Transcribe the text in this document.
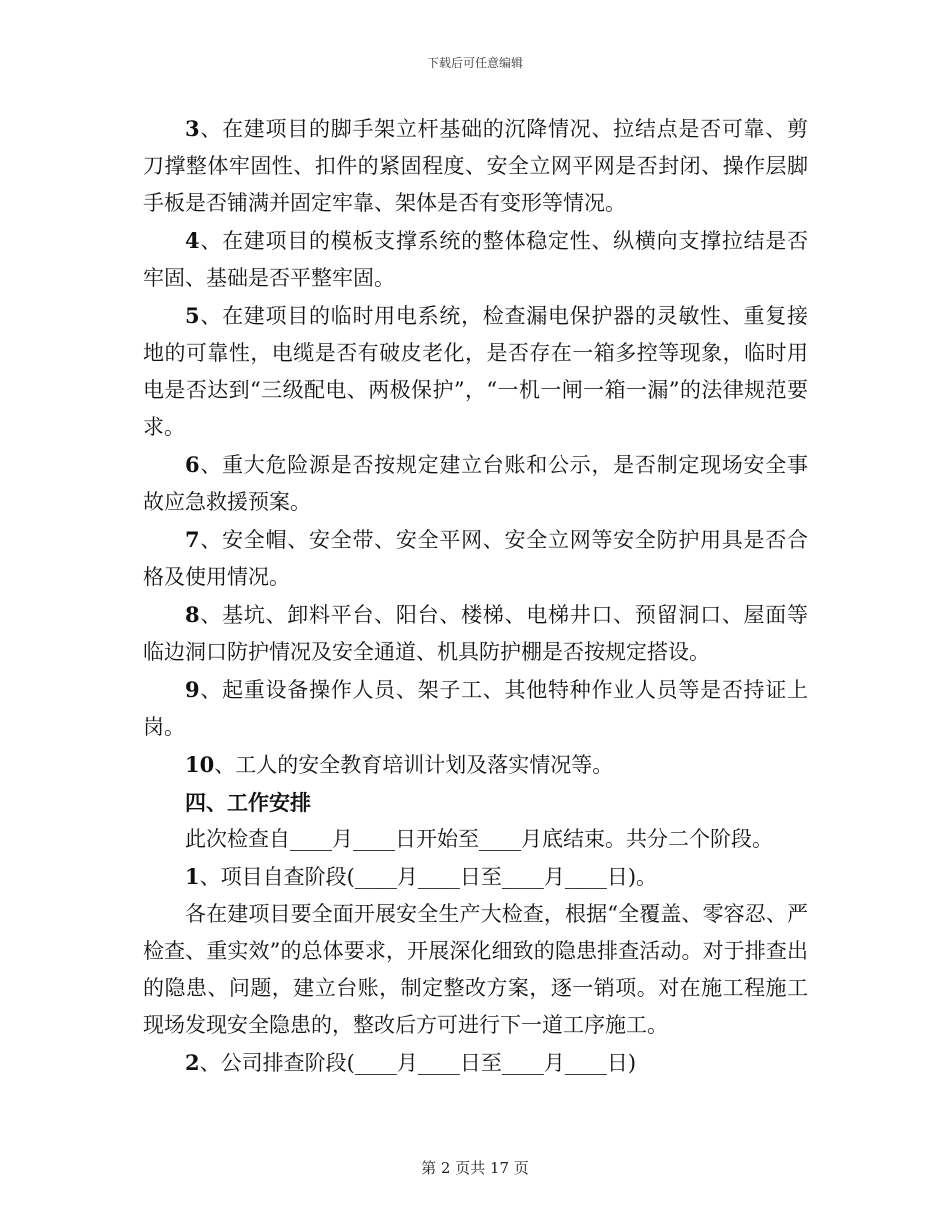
下载后可任意编辑

3、在建项目的脚手架立杆基础的沉降情况、拉结点是否可靠、剪刀撑整体牢固性、扣件的紧固程度、安全立网平网是否封闭、操作层脚手板是否铺满并固定牢靠、架体是否有变形等情况。

4、在建项目的模板支撑系统的整体稳定性、纵横向支撑拉结是否牢固、基础是否平整牢固。

5、在建项目的临时用电系统，检查漏电保护器的灵敏性、重复接地的可靠性，电缆是否有破皮老化，是否存在一箱多控等现象，临时用电是否达到“三级配电、两极保护”，“一机一闸一箱一漏”的法律规范要求。

6、重大危险源是否按规定建立台账和公示，是否制定现场安全事故应急救援预案。

7、安全帽、安全带、安全平网、安全立网等安全防护用具是否合格及使用情况。

8、基坑、卸料平台、阳台、楼梯、电梯井口、预留洞口、屋面等临边洞口防护情况及安全通道、机具防护棚是否按规定搭设。

9、起重设备操作人员、架子工、其他特种作业人员等是否持证上岗。

10、工人的安全教育培训计划及落实情况等。

四、工作安排

此次检查自____月____日开始至____月底结束。共分二个阶段。

1、项目自查阶段(____月____日至____月____日)。

各在建项目要全面开展安全生产大检查，根据“全覆盖、零容忍、严检查、重实效”的总体要求，开展深化细致的隐患排查活动。对于排查出的隐患、问题，建立台账，制定整改方案，逐一销项。对在施工程施工现场发现安全隐患的，整改后方可进行下一道工序施工。

2、公司排查阶段(____月____日至____月____日)

第 2 页共 17 页
